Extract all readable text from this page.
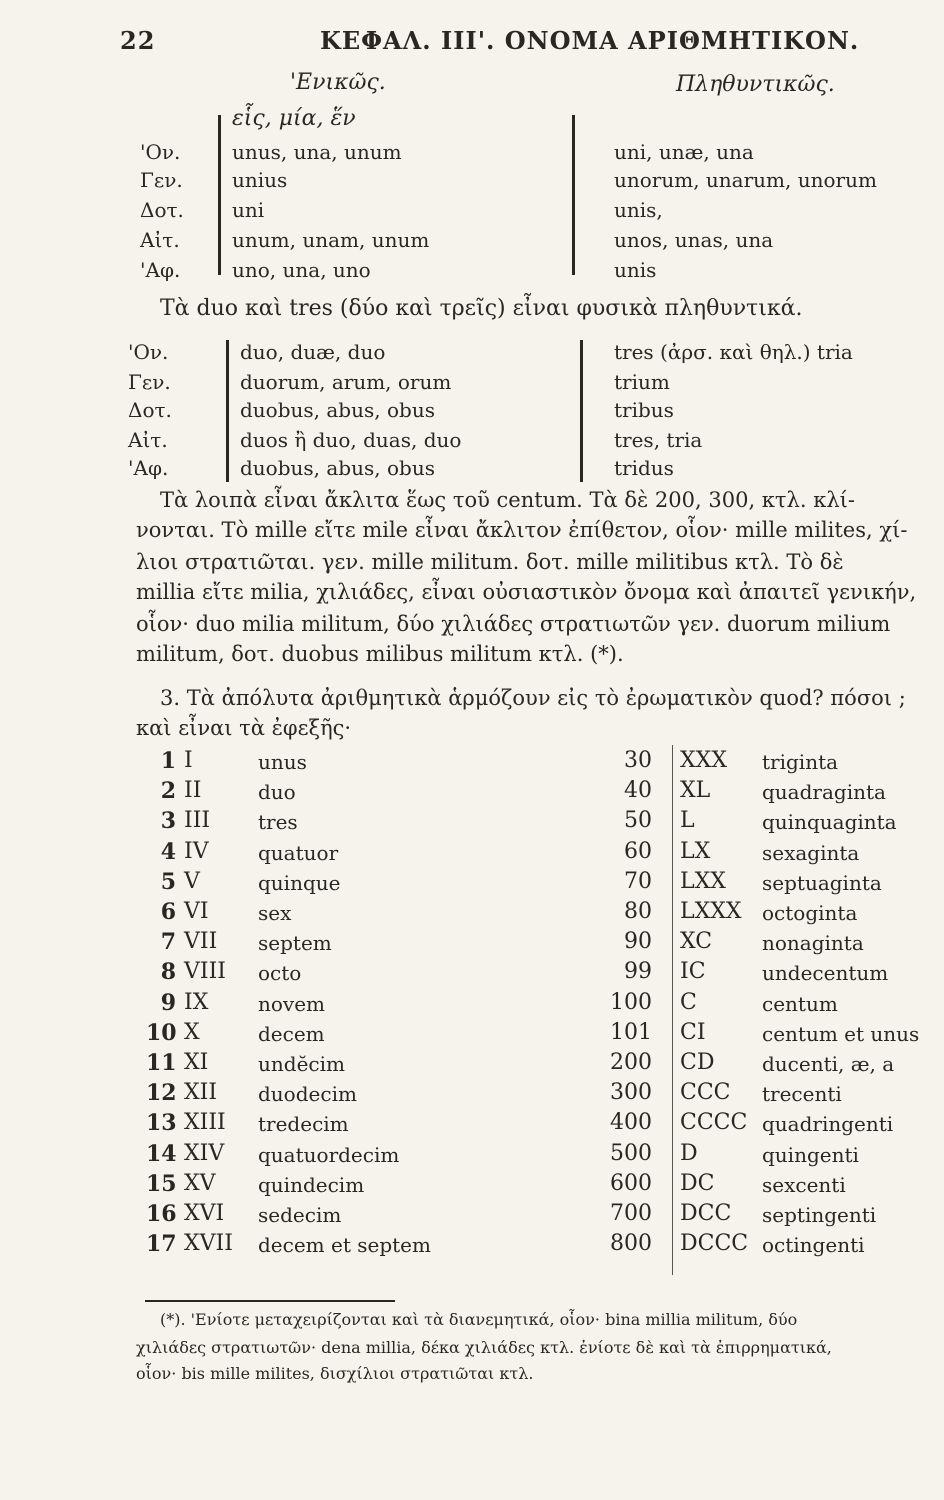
22	ΚΕΦΑΛ. ΙΙΙ'. ΟΝΟΜΑ ΑΡΙΘΜΗΤΙΚΟΝ.
'Ενικῶς.	Πληθυντικῶς.
εἷς, μία, ἕν
'Ον.	unus, una, unum	uni, unæ, una
Γεν. unius	unorum, unarum, unorum
Δοτ. uni	unis,
Αἰτ.	unum, unam, unum	unos, unas, una
'Αφ.	uno, una, uno	unis
Τὰ duo καὶ tres (δύο καὶ τρεῖς) εἶναι φυσικὰ πληθυντικά.
'Ον.	duo, duæ, duo	tres (ἀρσ. καὶ θηλ.) tria
Γεν.	duorum, arum, orum	trium
Δοτ.	duobus, abus, obus	tribus
Αἰτ.	duos ἢ duo, duas, duo	tres, tria
'Αφ.	duobus, abus, obus	tridus
Τὰ λοιπὰ εἶναι ἄκλιτα ἕως τοῦ centum. Τὰ δὲ 200, 300, κτλ. κλί-
νονται. Τὸ mille εἴτε mile εἶναι ἄκλιτον ἐπίθετον, οἷον· mille milites, χί-
λιοι στρατιῶται. γεν. mille militum. δοτ. mille militibus κτλ. Τὸ δὲ
millia εἴτε milia, χιλιάδες, εἶναι οὐσιαστικὸν ὄνομα καὶ ἀπαιτεῖ γενικήν,
οἷον· duo milia militum, δύο χιλιάδες στρατιωτῶν γεν. duorum milium
militum, δοτ. duobus milibus militum κτλ. (*).
3. Τὰ ἀπόλυτα ἀριθμητικὰ ἁρμόζουν εἰς τὸ ἐρωματικὸν quod? πόσοι ;
καὶ εἶναι τὰ ἐφεξῆς·
1 I	unus
2 II	duo
3 III tres
4 IV quatuor
5 V	quinque
6 VI sex
7 VII septem
8 VIII octo
9 IX novem
10 X	decem
11 XI undĕcim
12 XII duodecim
13 XIII tredecim
14 XIV quatuordecim
15 XV quindecim
16 XVI sedecim
17 XVII decem et septem
30 XXX triginta
40 XL	quadraginta
50 L	quinquaginta
60 LX	sexaginta
70 LXX septuaginta
80 LXXX octoginta
90 XC nonaginta
99 IC	undecentum
100 C	centum
101 CI	centum et unus
200 CD ducenti, æ, a
300 CCC trecenti
400 CCCC quadringenti
500 D	quingenti
600 DC sexcenti
700 DCC septingenti
800 DCCC octingenti
(*). 'Ενίοτε μεταχειρίζονται καὶ τὰ διανεμητικά, οἷον· bina millia militum, δύο
χιλιάδες στρατιωτῶν· dena millia, δέκα χιλιάδες κτλ. ἐνίοτε δὲ καὶ τὰ ἐπιρρηματικά,
οἷον· bis mille milites, δισχίλιοι στρατιῶται κτλ.
